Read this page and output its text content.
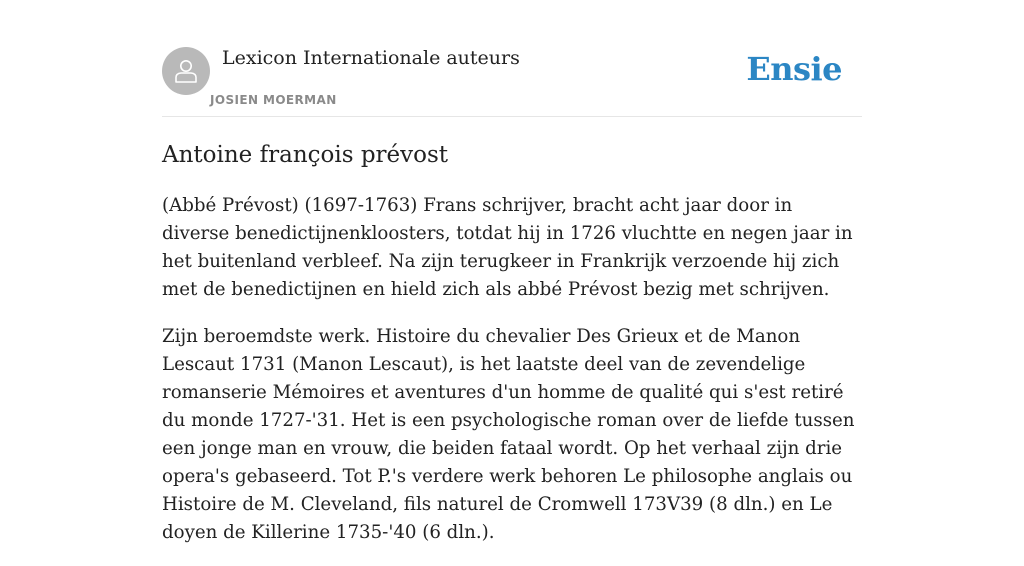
Lexicon Internationale auteurs
JOSIEN MOERMAN
Ensie
Antoine françois prévost

(Abbé Prévost) (1697-1763) Frans schrijver, bracht acht jaar door in diverse benedictijnenkloosters, totdat hij in 1726 vluchtte en negen jaar in het buitenland verbleef. Na zijn terugkeer in Frankrijk verzoende hij zich met de benedictijnen en hield zich als abbé Prévost bezig met schrijven.

Zijn beroemdste werk. Histoire du chevalier Des Grieux et de Manon Lescaut 1731 (Manon Lescaut), is het laatste deel van de zevendelige romanserie Mémoires et aventures d'un homme de qualité qui s'est retiré du monde 1727-'31. Het is een psychologische roman over de liefde tussen een jonge man en vrouw, die beiden fataal wordt. Op het verhaal zijn drie opera's gebaseerd. Tot P.'s verdere werk behoren Le philosophe anglais ou Histoire de M. Cleveland, fils naturel de Cromwell 173V39 (8 dln.) en Le doyen de Killerine 1735-'40 (6 dln.).
